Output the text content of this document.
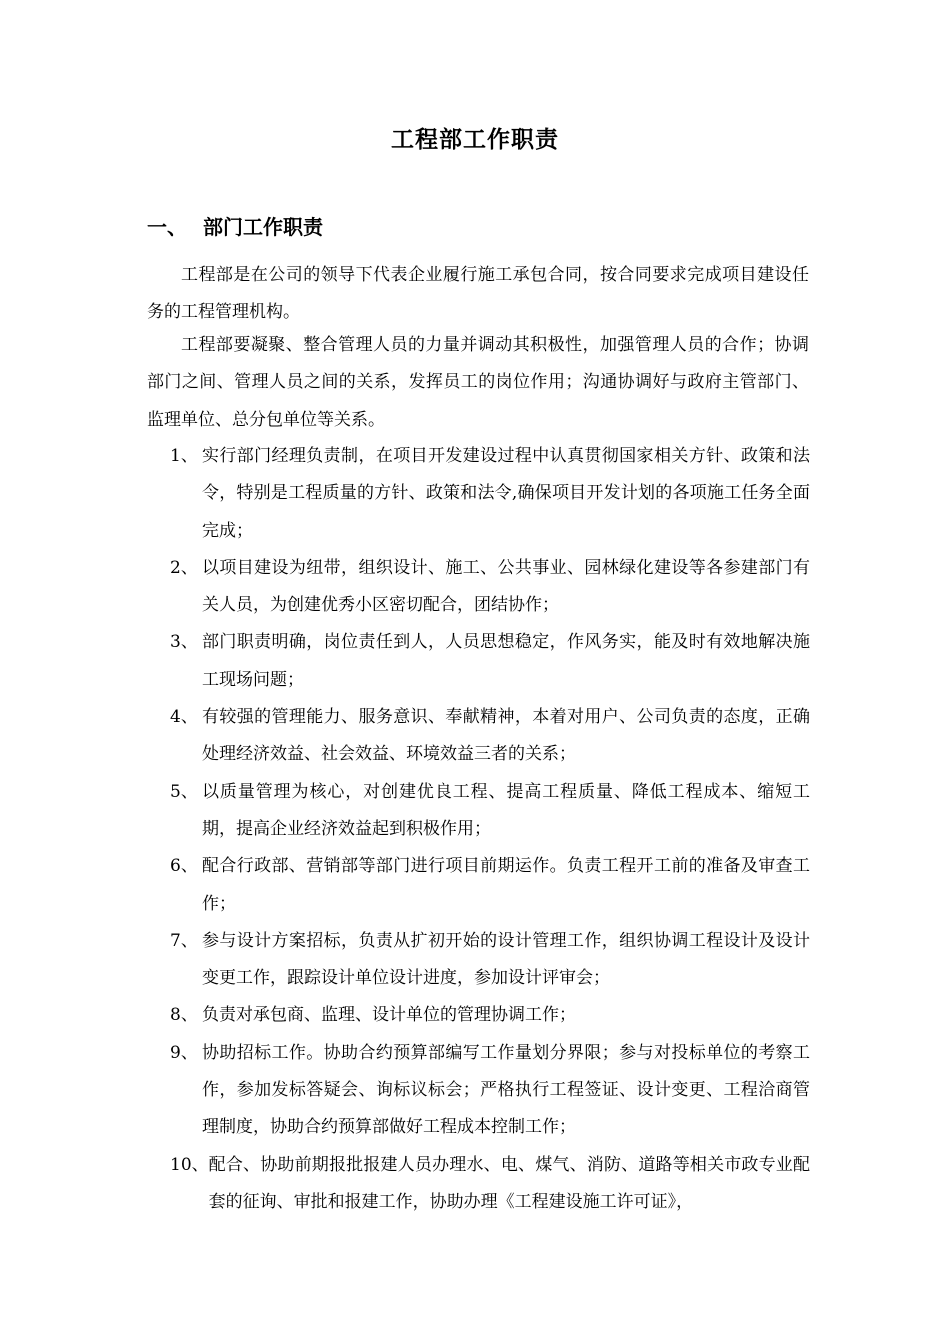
工程部工作职责
一、 部门工作职责

工程部是在公司的领导下代表企业履行施工承包合同，按合同要求完成项目建设任务的工程管理机构。

工程部要凝聚、整合管理人员的力量并调动其积极性，加强管理人员的合作；协调部门之间、管理人员之间的关系，发挥员工的岗位作用；沟通协调好与政府主管部门、监理单位、总分包单位等关系。

1、 实行部门经理负责制，在项目开发建设过程中认真贯彻国家相关方针、政策和法令，特别是工程质量的方针、政策和法令,确保项目开发计划的各项施工任务全面完成；
2、 以项目建设为纽带，组织设计、施工、公共事业、园林绿化建设等各参建部门有关人员，为创建优秀小区密切配合，团结协作；
3、 部门职责明确，岗位责任到人，人员思想稳定，作风务实，能及时有效地解决施工现场问题；
4、 有较强的管理能力、服务意识、奉献精神，本着对用户、公司负责的态度，正确处理经济效益、社会效益、环境效益三者的关系；
5、 以质量管理为核心，对创建优良工程、提高工程质量、降低工程成本、缩短工期，提高企业经济效益起到积极作用；
6、 配合行政部、营销部等部门进行项目前期运作。负责工程开工前的准备及审查工作；
7、 参与设计方案招标，负责从扩初开始的设计管理工作，组织协调工程设计及设计变更工作，跟踪设计单位设计进度，参加设计评审会；
8、 负责对承包商、监理、设计单位的管理协调工作；
9、 协助招标工作。协助合约预算部编写工作量划分界限；参与对投标单位的考察工作，参加发标答疑会、询标议标会；严格执行工程签证、设计变更、工程洽商管理制度，协助合约预算部做好工程成本控制工作；
10、 配合、协助前期报批报建人员办理水、电、煤气、消防、道路等相关市政专业配套的征询、审批和报建工作，协助办理《工程建设施工许可证》，
